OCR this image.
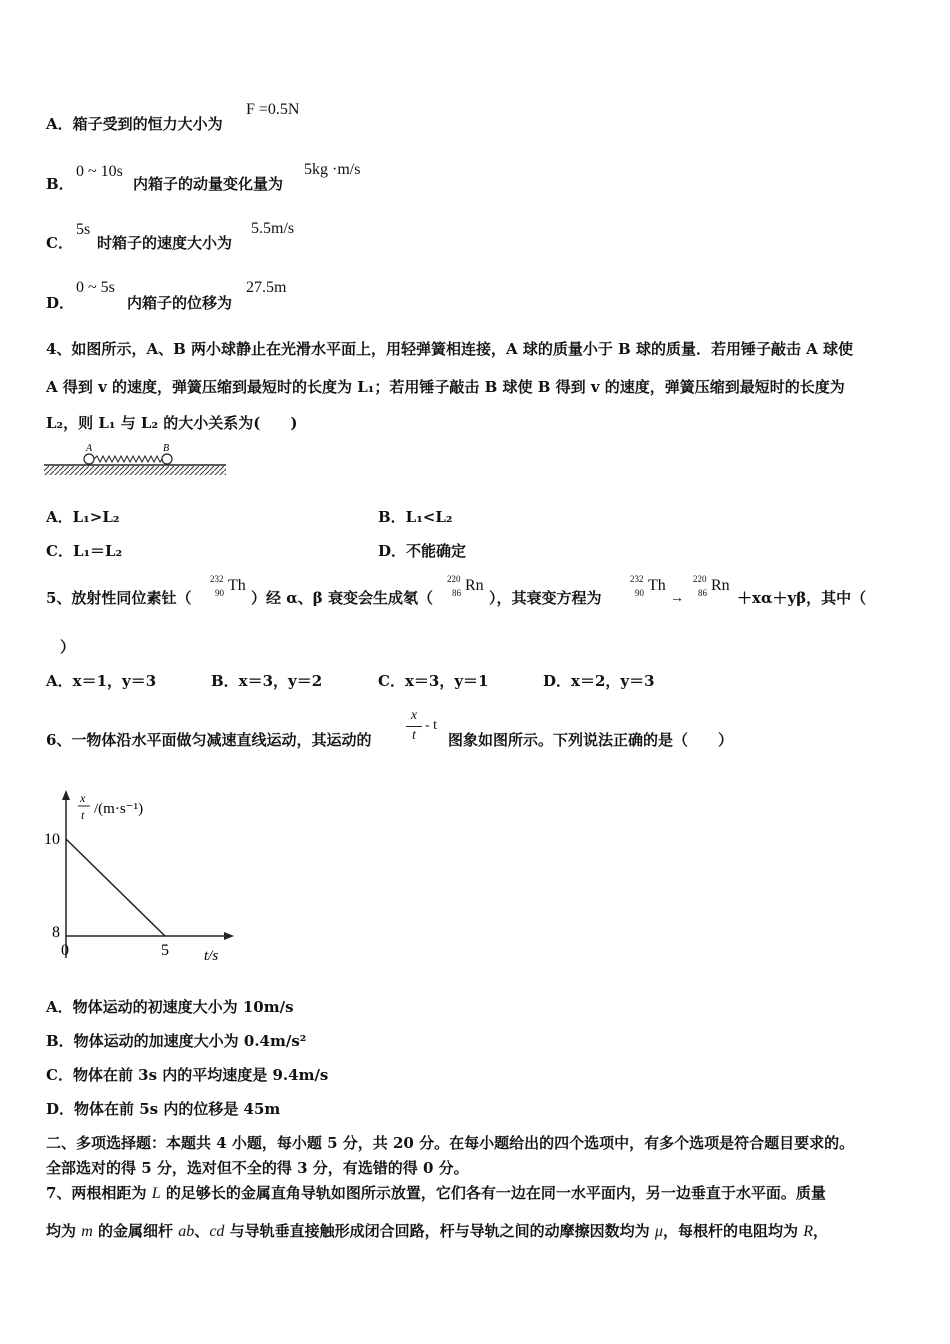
A．箱子受到的恒力大小为
F =0.5N
B．
0 ~ 10s
内箱子的动量变化量为
5kg ·m/s
C．
5s
时箱子的速度大小为
5.5m/s
D．
0 ~ 5s
内箱子的位移为
27.5m
4、如图所示，A、B 两小球静止在光滑水平面上，用轻弹簧相连接，A 球的质量小于 B 球的质量．若用锤子敲击 A 球使
A 得到 v 的速度，弹簧压缩到最短时的长度为 L₁；若用锤子敲击 B 球使 B 得到 v 的速度，弹簧压缩到最短时的长度为
L₂，则 L₁ 与 L₂ 的大小关系为(　　)
A	B
A．L₁>L₂	B．L₁<L₂
C．L₁＝L₂	D．不能确定
5、放射性同位素钍（
232
90 Th
）经 α、β 衰变会生成氡（
220
86 Rn
），其衰变方程为
232
90 Th
→
220
86 Rn
＋xα＋yβ，其中（
）
A．x＝1，y＝3	B．x＝3，y＝2	C．x＝3，y＝1	D．x＝2，y＝3
6、一物体沿水平面做匀减速直线运动，其运动的 $\frac{x}{t}$ - t
图象如图所示。下列说法正确的是（　　）
x
t /(m·s⁻¹)
t/s
10
8
0	5
A．物体运动的初速度大小为 10m/s
B．物体运动的加速度大小为 0.4m/s²
C．物体在前 3s 内的平均速度是 9.4m/s
D．物体在前 5s 内的位移是 45m
二、多项选择题：本题共 4 小题，每小题 5 分，共 20 分。在每小题给出的四个选项中，有多个选项是符合题目要求的。
全部选对的得 5 分，选对但不全的得 3 分，有选错的得 0 分。
7、两根相距为 L 的足够长的金属直角导轨如图所示放置，它们各有一边在同一水平面内，另一边垂直于水平面。质量
均为 m 的金属细杆 ab、cd 与导轨垂直接触形成闭合回路，杆与导轨之间的动摩擦因数均为 μ，每根杆的电阻均为 R，
